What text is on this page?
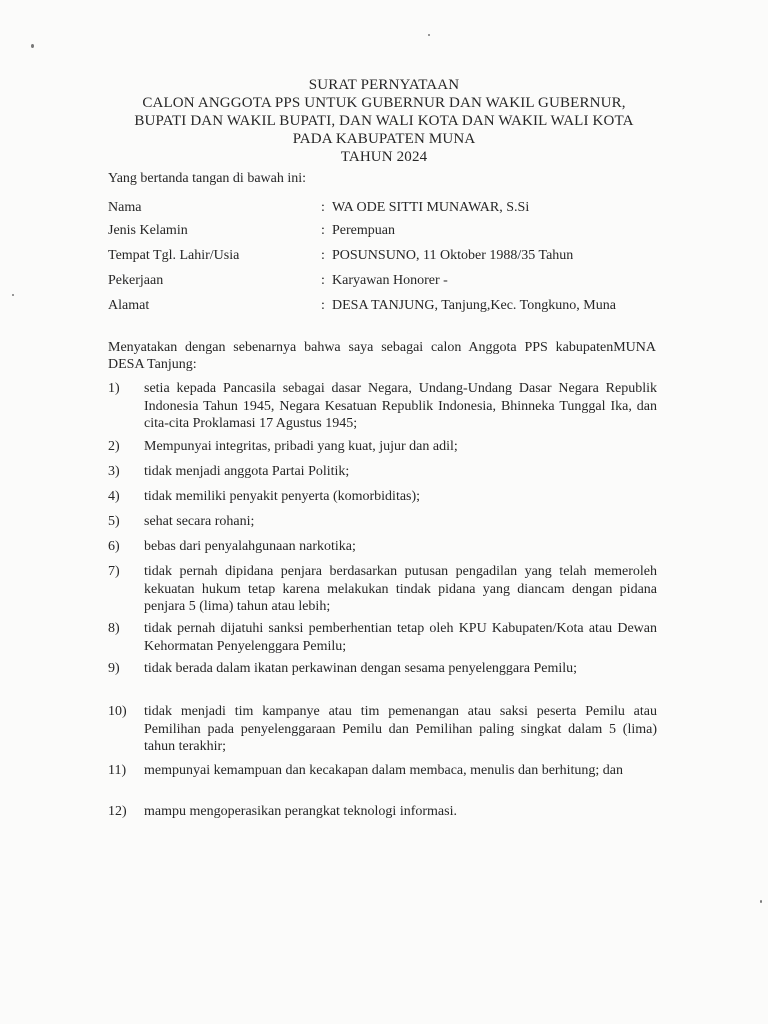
SURAT PERNYATAAN
CALON ANGGOTA PPS UNTUK GUBERNUR DAN WAKIL GUBERNUR,
BUPATI DAN WAKIL BUPATI, DAN WALI KOTA DAN WAKIL WALI KOTA
PADA KABUPATEN MUNA
TAHUN 2024
Yang bertanda tangan di bawah ini:
Nama	: WA ODE SITTI MUNAWAR, S.Si
Jenis Kelamin	: Perempuan
Tempat Tgl. Lahir/Usia	: POSUNSUNO, 11 Oktober 1988/35 Tahun
Pekerjaan	: Karyawan Honorer -
Alamat	: DESA TANJUNG, Tanjung,Kec. Tongkuno, Muna
Menyatakan dengan sebenarnya bahwa saya sebagai calon Anggota PPS kabupatenMUNA DESA Tanjung:
1) setia kepada Pancasila sebagai dasar Negara, Undang-Undang Dasar Negara Republik Indonesia Tahun 1945, Negara Kesatuan Republik Indonesia, Bhinneka Tunggal Ika, dan cita-cita Proklamasi 17 Agustus 1945;
2) Mempunyai integritas, pribadi yang kuat, jujur dan adil;
3) tidak menjadi anggota Partai Politik;
4) tidak memiliki penyakit penyerta (komorbiditas);
5) sehat secara rohani;
6) bebas dari penyalahgunaan narkotika;
7) tidak pernah dipidana penjara berdasarkan putusan pengadilan yang telah memeroleh kekuatan hukum tetap karena melakukan tindak pidana yang diancam dengan pidana penjara 5 (lima) tahun atau lebih;
8) tidak pernah dijatuhi sanksi pemberhentian tetap oleh KPU Kabupaten/Kota atau Dewan Kehormatan Penyelenggara Pemilu;
9) tidak berada dalam ikatan perkawinan dengan sesama penyelenggara Pemilu;
10) tidak menjadi tim kampanye atau tim pemenangan atau saksi peserta Pemilu atau Pemilihan pada penyelenggaraan Pemilu dan Pemilihan paling singkat dalam 5 (lima) tahun terakhir;
11) mempunyai kemampuan dan kecakapan dalam membaca, menulis dan berhitung; dan
12) mampu mengoperasikan perangkat teknologi informasi.
